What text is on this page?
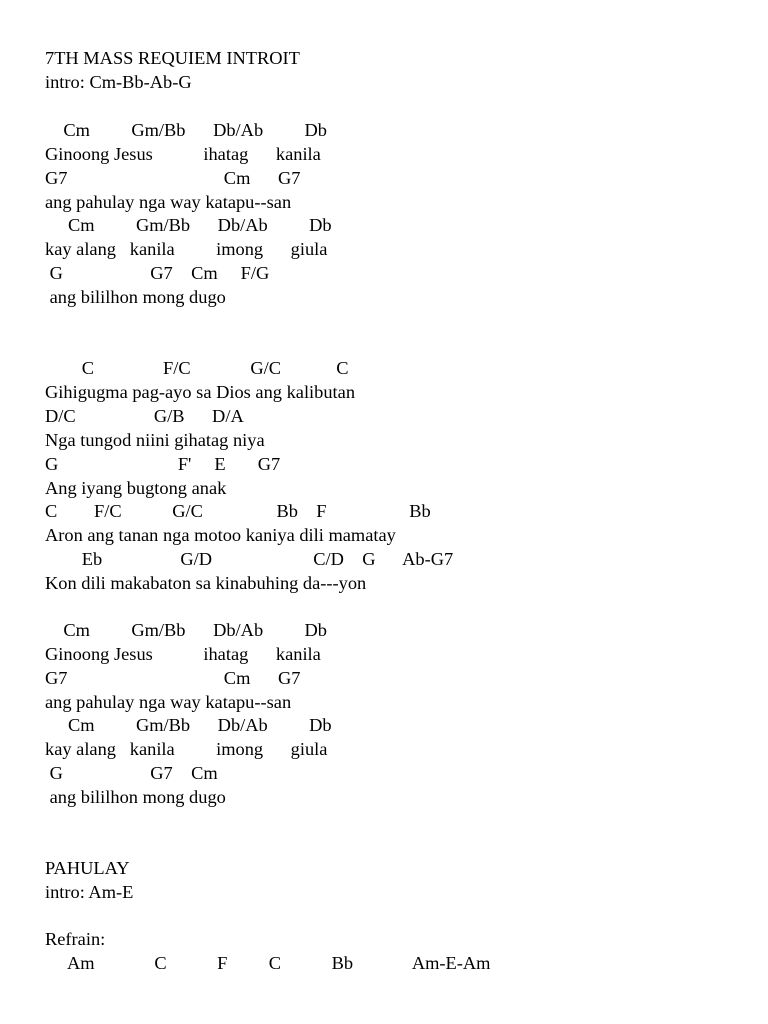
7TH MASS REQUIEM INTROIT
intro: Cm-Bb-Ab-G
Cm         Gm/Bb      Db/Ab         Db
Ginoong Jesus           ihatag      kanila
G7                                  Cm      G7
ang pahulay nga way katapu--san
Cm         Gm/Bb      Db/Ab         Db
kay alang   kanila         imong      giula
G                   G7    Cm     F/G
ang bililhon mong dugo
C               F/C             G/C            C
Gihigugma pag-ayo sa Dios ang kalibutan
D/C                 G/B      D/A
Nga tungod niini gihatag niya
G                          F'     E       G7
Ang iyang bugtong anak
C        F/C           G/C                Bb    F                  Bb
Aron ang tanan nga motoo kaniya dili mamatay
Eb                 G/D                      C/D    G      Ab-G7
Kon dili makabaton sa kinabuhing da---yon
Cm         Gm/Bb      Db/Ab         Db
Ginoong Jesus           ihatag      kanila
G7                                  Cm      G7
ang pahulay nga way katapu--san
Cm         Gm/Bb      Db/Ab         Db
kay alang   kanila         imong      giula
G                   G7    Cm
ang bililhon mong dugo
PAHULAY
intro: Am-E
Refrain:
Am             C           F         C           Bb             Am-E-Am
